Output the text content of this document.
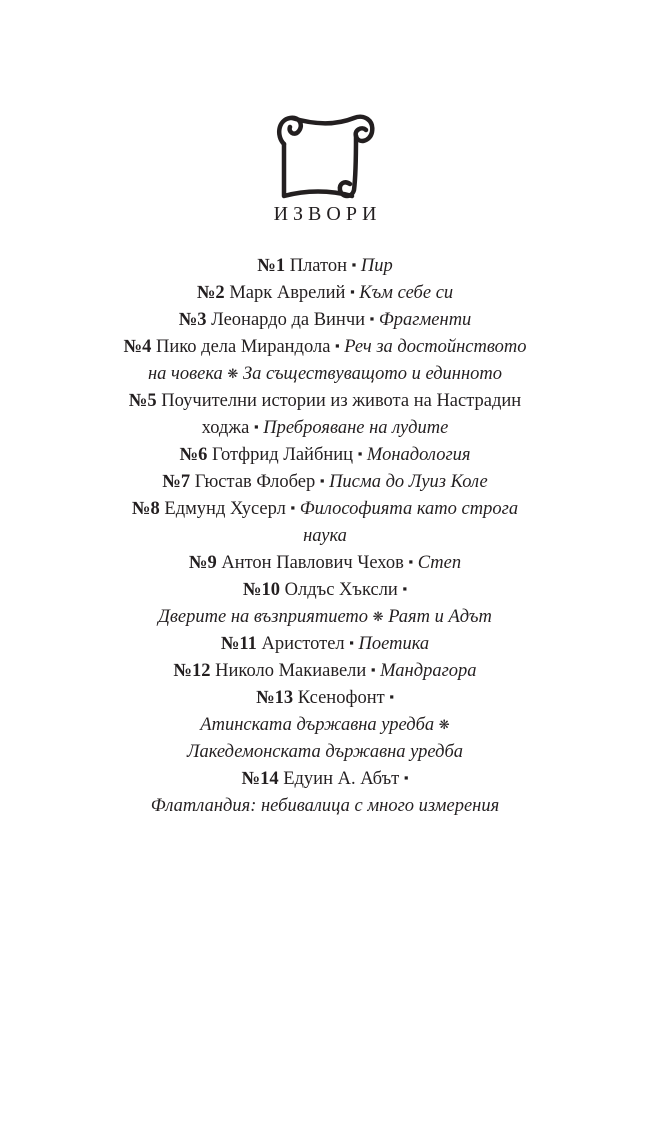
ИЗВОРИ
№1 Платон ▪ Пир
№2 Марк Аврелий ▪ Към себе си
№3 Леонардо да Винчи ▪ Фрагменти
№4 Пико дела Мирандола ▪ Реч за достойнството
на човека ❋ За съществуващото и единното
№5 Поучителни истории из живота на Настрадин
ходжа ▪ Преброяване на лудите
№6 Готфрид Лайбниц ▪ Монадология
№7 Гюстав Флобер ▪ Писма до Луиз Коле
№8 Едмунд Хусерл ▪ Философията като строга
наука
№9 Антон Павлович Чехов ▪ Степ
№10 Олдъс Хъксли ▪
Дверите на възприятието ❋ Раят и Адът
№11 Аристотел ▪ Поетика
№12 Николо Макиавели ▪ Мандрагора
№13 Ксенофонт ▪
Атинската държавна уредба ❋
Лакедемонската държавна уредба
№14 Едуин А. Абът ▪
Флатландия: небивалица с много измерения
